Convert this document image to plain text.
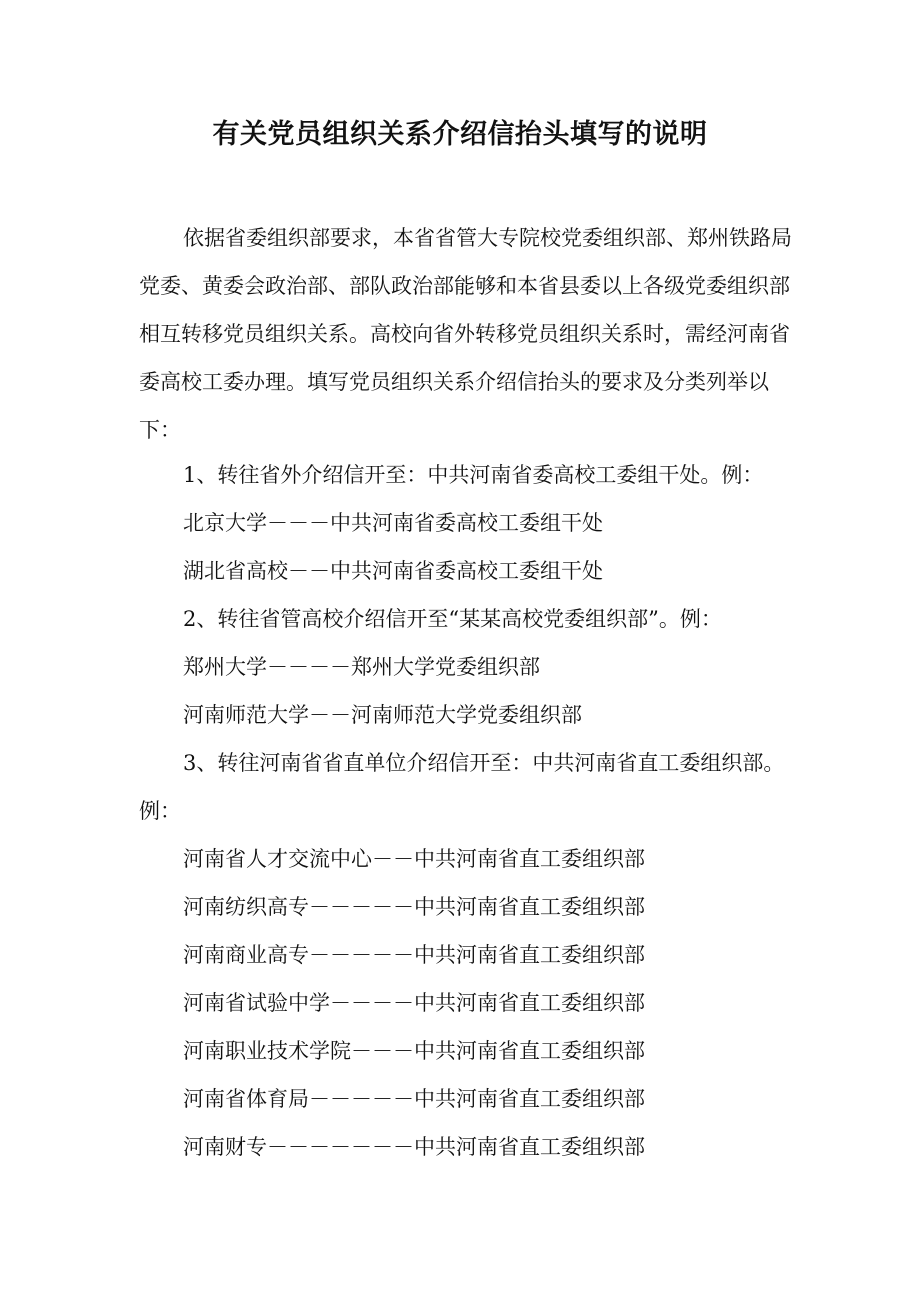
有关党员组织关系介绍信抬头填写的说明
依据省委组织部要求，本省省管大专院校党委组织部、郑州铁路局党委、黄委会政治部、部队政治部能够和本省县委以上各级党委组织部相互转移党员组织关系。高校向省外转移党员组织关系时，需经河南省委高校工委办理。填写党员组织关系介绍信抬头的要求及分类列举以下：
1、转往省外介绍信开至：中共河南省委高校工委组干处。例：
北京大学－－－中共河南省委高校工委组干处
湖北省高校－－中共河南省委高校工委组干处
2、转往省管高校介绍信开至“某某高校党委组织部”。例：
郑州大学－－－－郑州大学党委组织部
河南师范大学－－河南师范大学党委组织部
3、转往河南省省直单位介绍信开至：中共河南省直工委组织部。
例：
河南省人才交流中心－－中共河南省直工委组织部
河南纺织高专－－－－－中共河南省直工委组织部
河南商业高专－－－－－中共河南省直工委组织部
河南省试验中学－－－－中共河南省直工委组织部
河南职业技术学院－－－中共河南省直工委组织部
河南省体育局－－－－－中共河南省直工委组织部
河南财专－－－－－－－中共河南省直工委组织部
